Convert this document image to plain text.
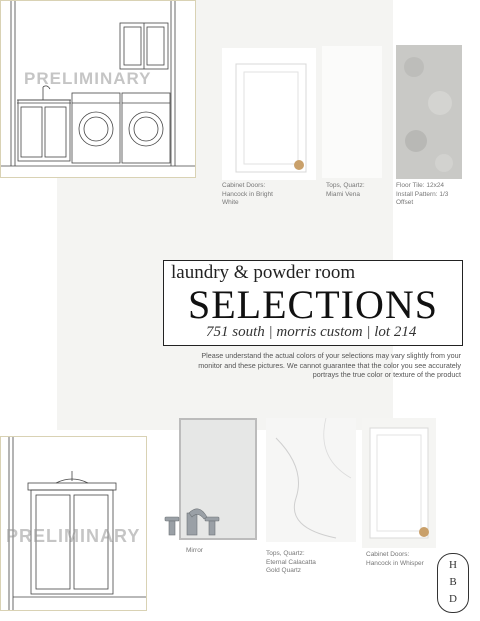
PRELIMINARY
Cabinet Doors: Hancock in Bright White
Tops, Quartz: Miami Vena
Floor Tile: 12x24 Install Pattern: 1/3 Offset
laundry & powder room
SELECTIONS
751 south | morris custom | lot 214
Please understand the actual colors of your selections may vary slightly from your monitor and these pictures. We cannot guarantee that the color you see accurately portrays the true color or texture of the product
PRELIMINARY
Mirror	Tops, Quartz: Eternal Calacatta Gold Quartz
Cabinet Doors: Hancock in Whisper	H
B
D
